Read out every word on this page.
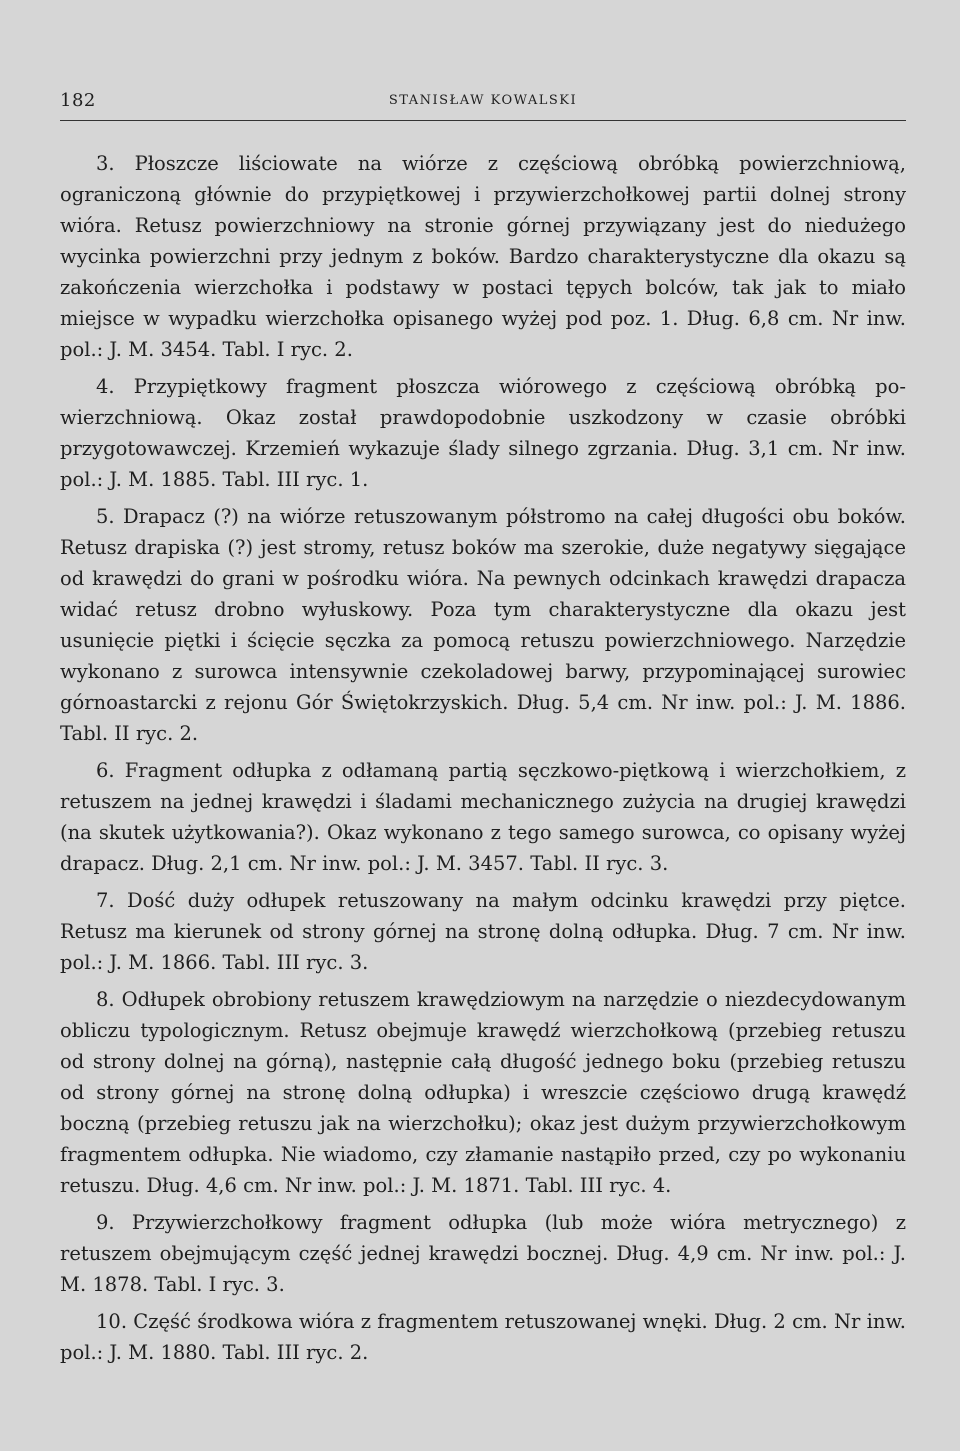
182	STANISŁAW KOWALSKI

3. Płoszcze liściowate na wiórze z częściową obróbką powierzchniową, ograniczoną głównie do przypiętkowej i przywierzchołkowej partii dolnej strony wióra. Retusz powierzchniowy na stronie górnej przywiązany jest do niedużego wycinka powierzchni przy jednym z boków. Bardzo charakterystyczne dla okazu są zakończenia wierzchołka i podstawy w postaci tępych bolców, tak jak to miało miejsce w wypadku wierzchołka opisanego wyżej pod poz. 1. Dług. 6,8 cm. Nr inw. pol.: J. M. 3454. Tabl. I ryc. 2.

4. Przypiętkowy fragment płoszcza wiórowego z częściową obróbką powierzchniową. Okaz został prawdopodobnie uszkodzony w czasie obróbki przygotowawczej. Krzemień wykazuje ślady silnego zgrzania. Dług. 3,1 cm. Nr inw. pol.: J. M. 1885. Tabl. III ryc. 1.

5. Drapacz (?) na wiórze retuszowanym półstromo na całej długości obu boków. Retusz drapiska (?) jest stromy, retusz boków ma szerokie, duże negatywy sięgające od krawędzi do grani w pośrodku wióra. Na pewnych odcinkach krawędzi drapacza widać retusz drobno wyłuskowy. Poza tym charakterystyczne dla okazu jest usunięcie piętki i ścięcie sęczka za pomocą retuszu powierzchniowego. Narzędzie wykonano z surowca intensywnie czekoladowej barwy, przypominającej surowiec górnoastarcki z rejonu Gór Świętokrzyskich. Dług. 5,4 cm. Nr inw. pol.: J. M. 1886. Tabl. II ryc. 2.

6. Fragment odłupka z odłamaną partią sęczkowo-piętkową i wierzchołkiem, z retuszem na jednej krawędzi i śladami mechanicznego zużycia na drugiej krawędzi (na skutek użytkowania?). Okaz wykonano z tego samego surowca, co opisany wyżej drapacz. Dług. 2,1 cm. Nr inw. pol.: J. M. 3457. Tabl. II ryc. 3.

7. Dość duży odłupek retuszowany na małym odcinku krawędzi przy piętce. Retusz ma kierunek od strony górnej na stronę dolną odłupka. Dług. 7 cm. Nr inw. pol.: J. M. 1866. Tabl. III ryc. 3.

8. Odłupek obrobiony retuszem krawędziowym na narzędzie o niezdecydowanym obliczu typologicznym. Retusz obejmuje krawędź wierzchołkową (przebieg retuszu od strony dolnej na górną), następnie całą długość jednego boku (przebieg retuszu od strony górnej na stronę dolną odłupka) i wreszcie częściowo drugą krawędź boczną (przebieg retuszu jak na wierzchołku); okaz jest dużym przywierzchołkowym fragmentem odłupka. Nie wiadomo, czy złamanie nastąpiło przed, czy po wykonaniu retuszu. Dług. 4,6 cm. Nr inw. pol.: J. M. 1871. Tabl. III ryc. 4.

9. Przywierzchołkowy fragment odłupka (lub może wióra metrycznego) z retuszem obejmującym część jednej krawędzi bocznej. Dług. 4,9 cm. Nr inw. pol.: J. M. 1878. Tabl. I ryc. 3.

10. Część środkowa wióra z fragmentem retuszowanej wnęki. Dług. 2 cm. Nr inw. pol.: J. M. 1880. Tabl. III ryc. 2.
